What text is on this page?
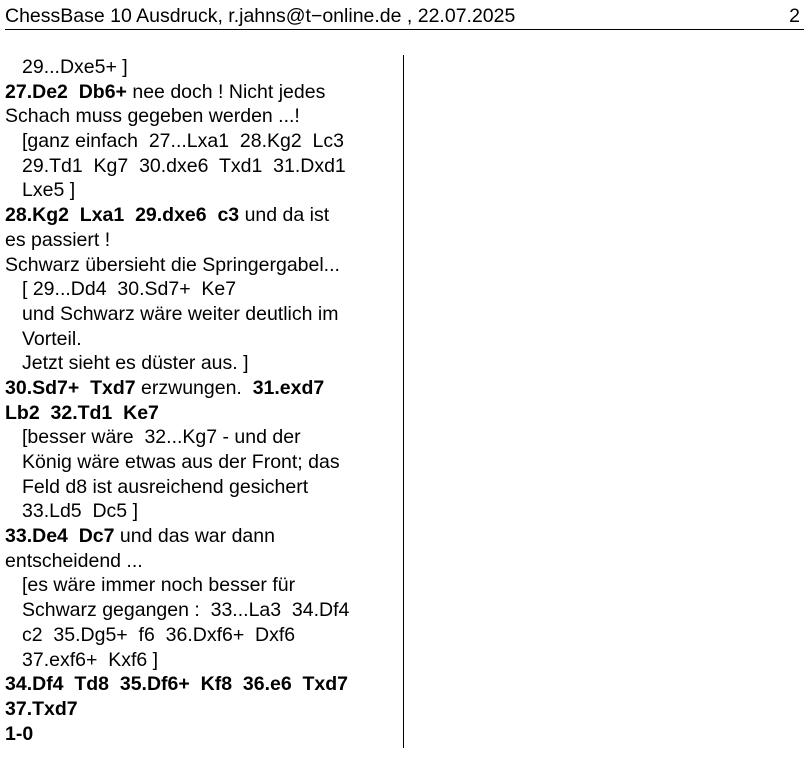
ChessBase 10 Ausdruck, r.jahns@t−online.de , 22.07.2025	2
29...Dxe5+ ]
27.De2  Db6+ nee doch ! Nicht jedes
Schach muss gegeben werden ...!
[ganz einfach  27...Lxa1  28.Kg2  Lc3
29.Td1  Kg7  30.dxe6  Txd1  31.Dxd1
Lxe5 ]
28.Kg2  Lxa1  29.dxe6  c3 und da ist
es passiert !
Schwarz übersieht die Springergabel...
[ 29...Dd4  30.Sd7+  Ke7
und Schwarz wäre weiter deutlich im
Vorteil.
Jetzt sieht es düster aus. ]
30.Sd7+  Txd7 erzwungen.  31.exd7
Lb2  32.Td1  Ke7
[besser wäre  32...Kg7 - und der
König wäre etwas aus der Front; das
Feld d8 ist ausreichend gesichert
33.Ld5  Dc5 ]
33.De4  Dc7 und das war dann
entscheidend ...
[es wäre immer noch besser für
Schwarz gegangen :  33...La3  34.Df4
c2  35.Dg5+  f6  36.Dxf6+  Dxf6
37.exf6+  Kxf6 ]
34.Df4  Td8  35.Df6+  Kf8  36.e6  Txd7
37.Txd7
1-0
